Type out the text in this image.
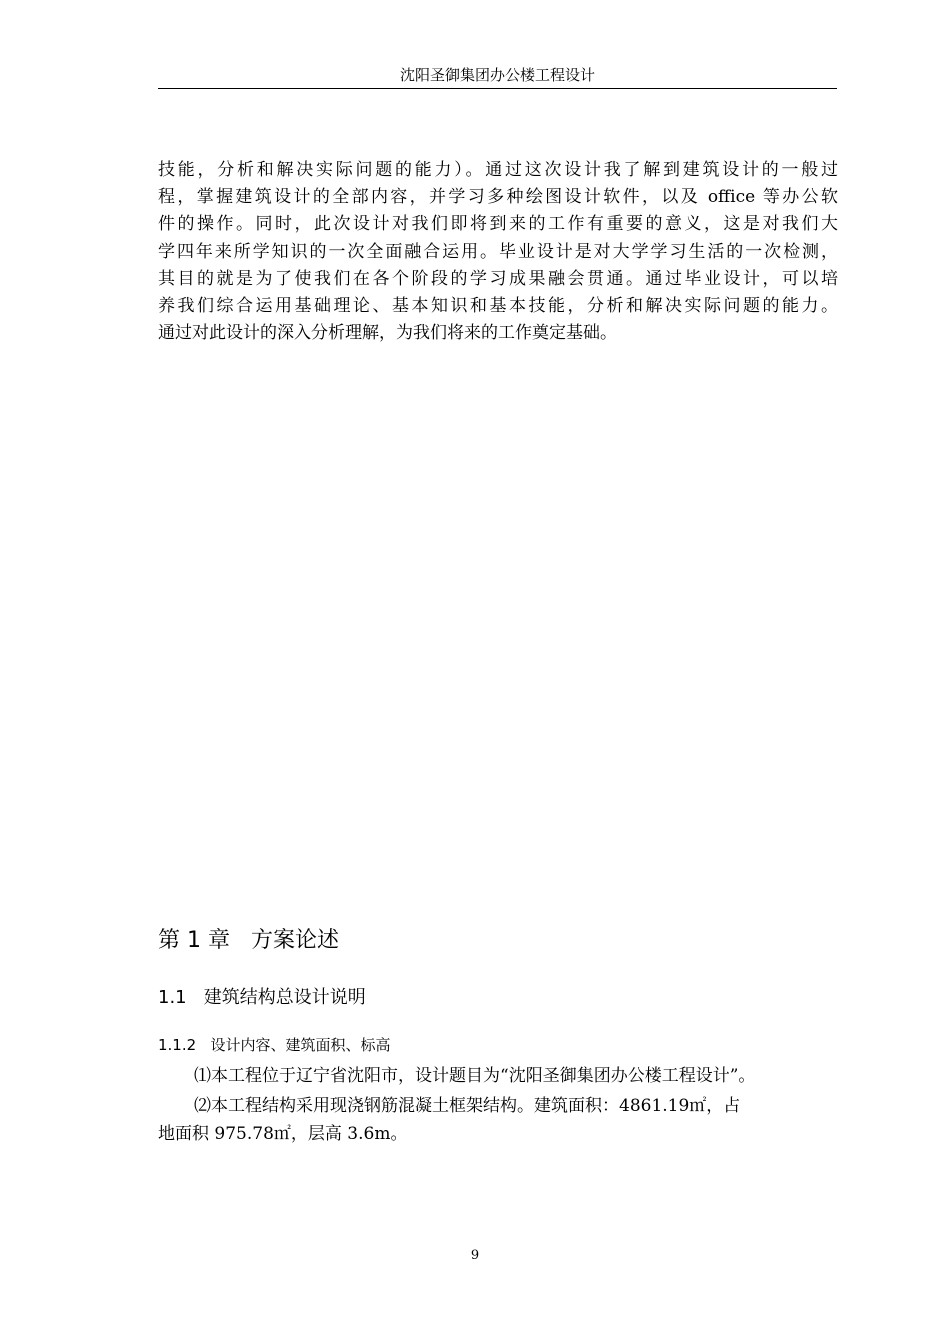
沈阳圣御集团办公楼工程设计
技能，分析和解决实际问题的能力）。通过这次设计我了解到建筑设计的一般过
程，掌握建筑设计的全部内容，并学习多种绘图设计软件，以及 office 等办公软
件的操作。同时，此次设计对我们即将到来的工作有重要的意义，这是对我们大
学四年来所学知识的一次全面融合运用。毕业设计是对大学学习生活的一次检测，
其目的就是为了使我们在各个阶段的学习成果融会贯通。通过毕业设计，可以培
养我们综合运用基础理论、基本知识和基本技能，分析和解决实际问题的能力。
通过对此设计的深入分析理解，为我们将来的工作奠定基础。
第 1 章   方案论述
1.1   建筑结构总设计说明
1.1.2   设计内容、建筑面积、标高
⑴本工程位于辽宁省沈阳市，设计题目为“沈阳圣御集团办公楼工程设计”。
⑵本工程结构采用现浇钢筋混凝土框架结构。建筑面积：4861.19㎡，占
地面积 975.78㎡，层高 3.6m。
9
